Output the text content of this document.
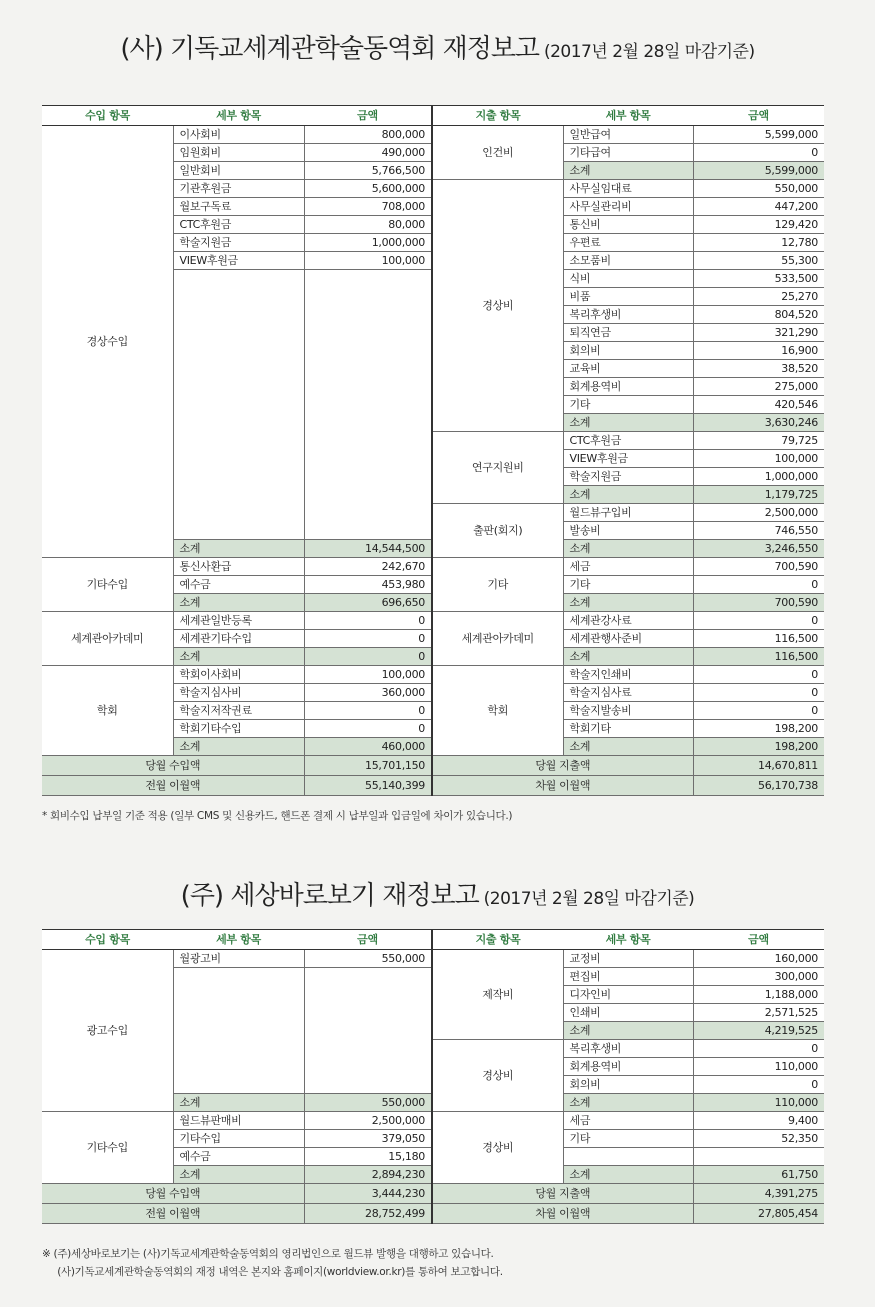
(사) 기독교세계관학술동역회 재정보고 (2017년 2월 28일 마감기준)
수입 항목	세부 항목	금액	지출 항목	세부 항목	금액
경상수입	이사회비	800,000	인건비	일반급여	5,599,000
	임원회비	490,000		기타급여	0
	일반회비	5,766,500		소계	5,599,000
	기관후원금	5,600,000	경상비	사무실임대료	550,000
	월보구독료	708,000		사무실관리비	447,200
	CTC후원금	80,000		통신비	129,420
	학술지원금	1,000,000		우편료	12,780
	VIEW후원금	100,000		소모품비	55,300
				식비	533,500
				비품	25,270
				복리후생비	804,520
				퇴직연금	321,290
				회의비	16,900
				교육비	38,520
				회계용역비	275,000
				기타	420,546
				소계	3,630,246
			연구지원비	CTC후원금	79,725
				VIEW후원금	100,000
				학술지원금	1,000,000
				소계	1,179,725
			출판(회지)	월드뷰구입비	2,500,000
				발송비	746,550
	소계	14,544,500		소계	3,246,550
기타수입	통신사환급	242,670	기타	세금	700,590
	예수금	453,980		기타	0
	소계	696,650		소계	700,590
세계관아카데미	세계관일반등록	0	세계관아카데미	세계관강사료	0
	세계관기타수입	0		세계관행사준비	116,500
	소계	0		소계	116,500
학회	학회이사회비	100,000	학회	학술지인쇄비	0
	학술지심사비	360,000		학술지심사료	0
	학술지저작권료	0		학술지발송비	0
	학회기타수입	0		학회기타	198,200
	소계	460,000		소계	198,200
당월 수입액		15,701,150	당월 지출액		14,670,811
전월 이월액		55,140,399	차월 이월액		56,170,738
* 회비수입 납부일 기준 적용 (일부 CMS 및 신용카드, 핸드폰 결제 시 납부일과 입금일에 차이가 있습니다.)
(주) 세상바로보기 재정보고 (2017년 2월 28일 마감기준)
수입 항목	세부 항목	금액	지출 항목	세부 항목	금액
광고수입	월광고비	550,000	제작비	교정비	160,000
				편집비	300,000
				디자인비	1,188,000
				인쇄비	2,571,525
				소계	4,219,525
			경상비	복리후생비	0
				회계용역비	110,000
				회의비	0
	소계	550,000		소계	110,000
기타수입	월드뷰판매비	2,500,000	경상비	세금	9,400
	기타수입	379,050		기타	52,350
	예수금	15,180			
	소계	2,894,230		소계	61,750
당월 수입액		3,444,230	당월 지출액		4,391,275
전월 이월액		28,752,499	차월 이월액		27,805,454
※ (주)세상바로보기는 (사)기독교세계관학술동역회의 영리법인으로 월드뷰 발행을 대행하고 있습니다.
(사)기독교세계관학술동역회의 재정 내역은 본지와 홈페이지(worldview.or.kr)를 통하여 보고합니다.
